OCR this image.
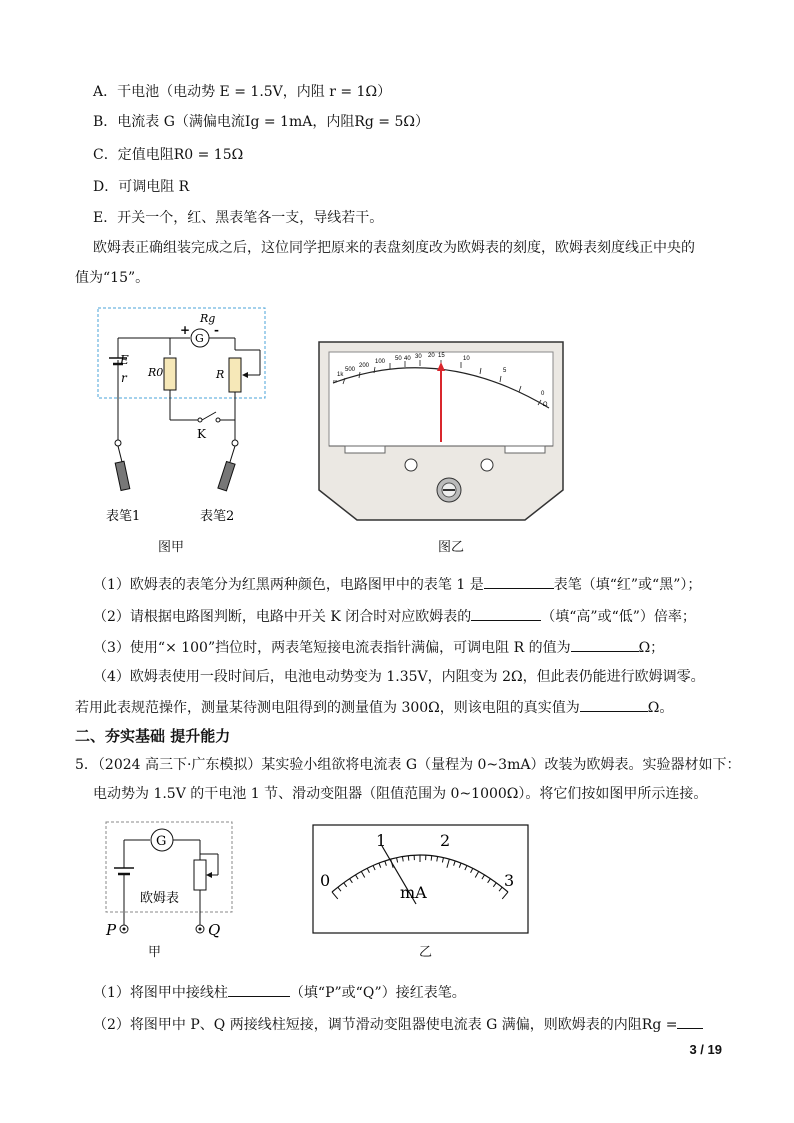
A．干电池（电动势 E = 1.5V，内阻 r = 1Ω）
B．电流表 G（满偏电流Ig = 1mA，内阻Rg = 5Ω）
C．定值电阻R0 = 15Ω
D．可调电阻 R
E．开关一个，红、黑表笔各一支，导线若干。
欧姆表正确组装完成之后，这位同学把原来的表盘刻度改为欧姆表的刻度，欧姆表刻度线正中央的
值为“15”。
E
r
G
+ -
Rg
R0	R
K
表笔1	表笔2
图甲
∞
1k
500
200
100 50 40 30 20 15	10
5
0
Ω
图乙
（1）欧姆表的表笔分为红黑两种颜色，电路图甲中的表笔 1 是	表笔（填“红”或“黑”）；
（2）请根据电路图判断，电路中开关 K 闭合时对应欧姆表的	（填“高”或“低”）倍率；
（3）使用“× 100”挡位时，两表笔短接电流表指针满偏，可调电阻 R 的值为	Ω；
（4）欧姆表使用一段时间后，电池电动势变为 1.35V，内阻变为 2Ω，但此表仍能进行欧姆调零。
若用此表规范操作，测量某待测电阻得到的测量值为 300Ω，则该电阻的真实值为	Ω。
二、夯实基础 提升能力
5．（2024 高三下·广东模拟）某实验小组欲将电流表 G（量程为 0~3mA）改装为欧姆表。实验器材如下：
电动势为 1.5V 的干电池 1 节、滑动变阻器（阻值范围为 0~1000Ω）。将它们按如图甲所示连接。
G
欧姆表
P	Q
甲
0
1	2
3
mA
乙
（1）将图甲中接线柱	（填“P”或“Q”）接红表笔。
（2）将图甲中 P、Q 两接线柱短接，调节滑动变阻器使电流表 G 满偏，则欧姆表的内阻Rg =
3 / 19
